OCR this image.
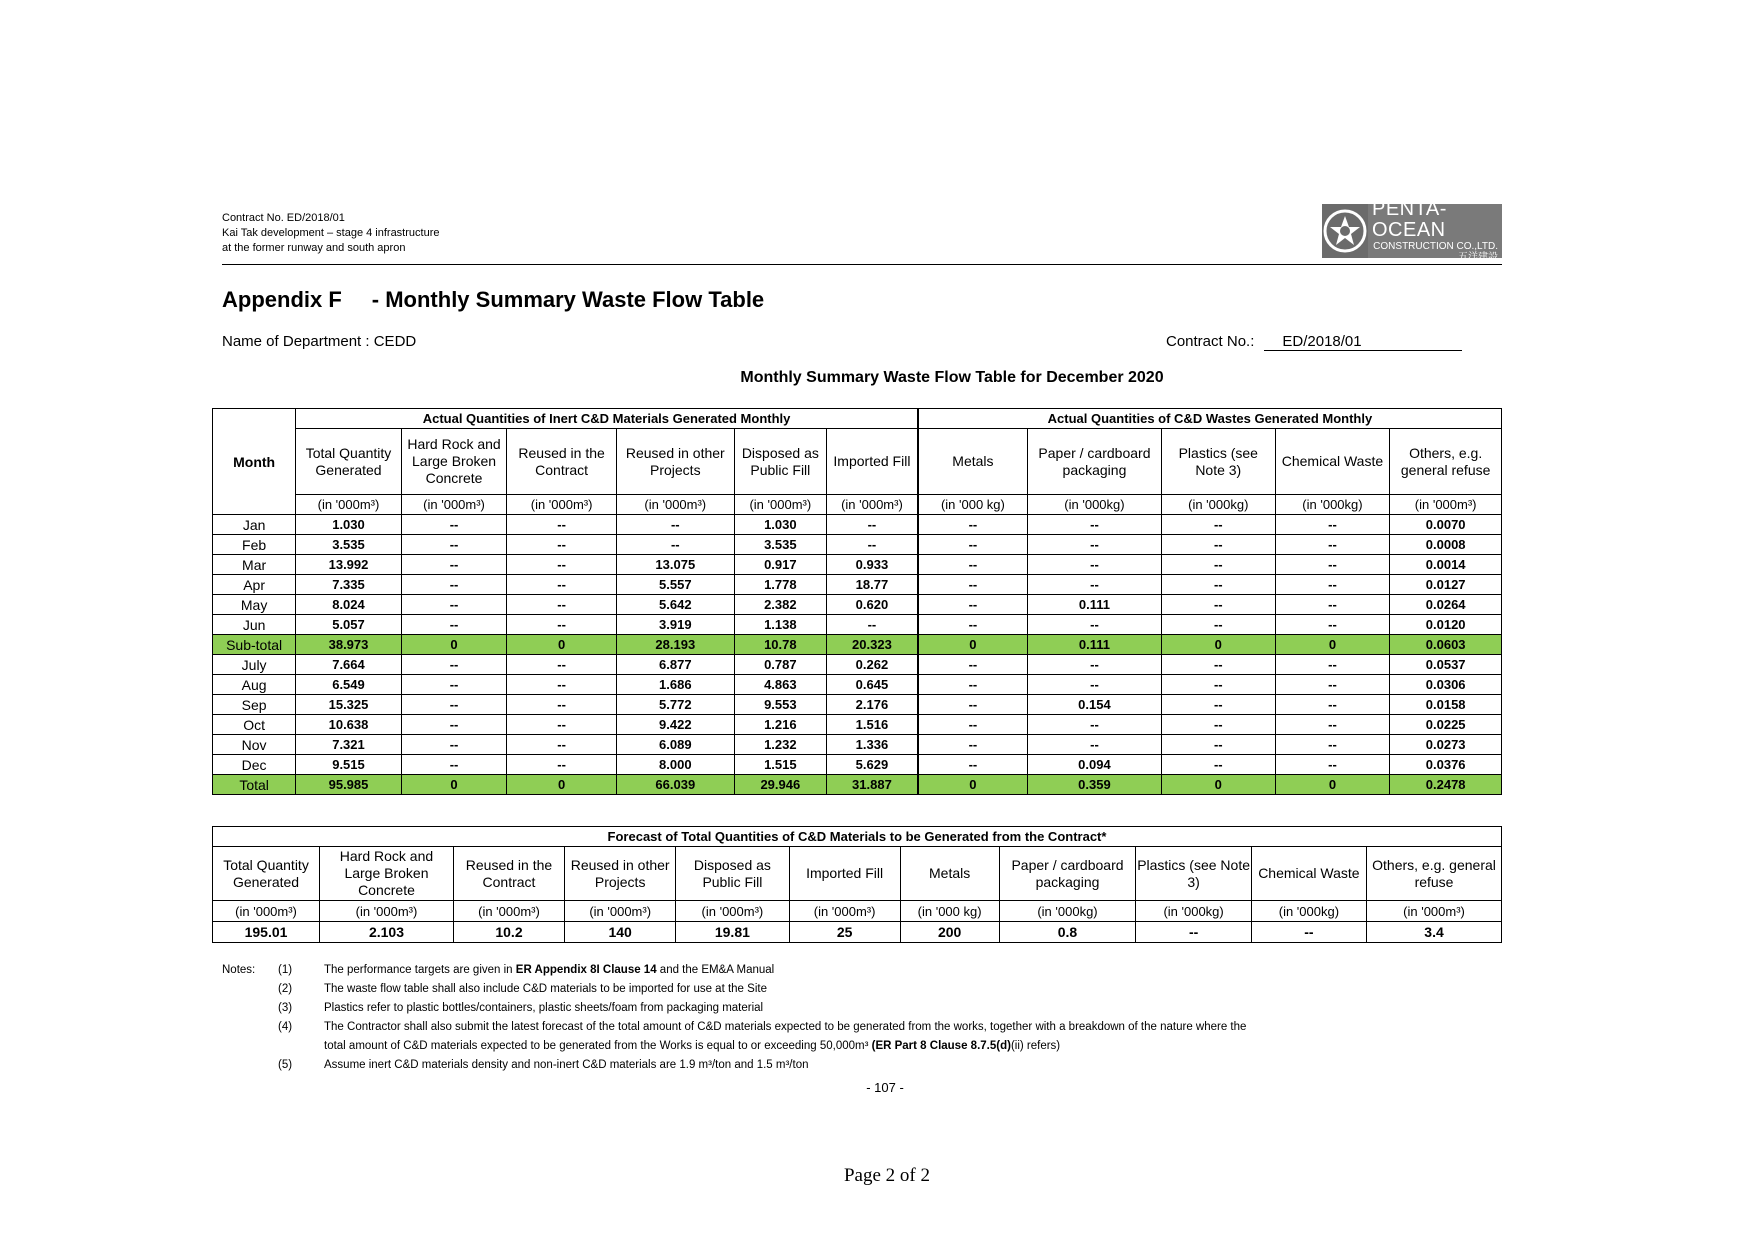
Contract No. ED/2018/01
Kai Tak development – stage 4 infrastructure
at the former runway and south apron
PENTA-OCEAN
CONSTRUCTION CO.,LTD.
五洋建設
Appendix F - Monthly Summary Waste Flow Table
Name of Department : CEDD	Contract No.: ED/2018/01
Monthly Summary Waste Flow Table for December 2020
Month	Actual Quantities of Inert C&D Materials Generated Monthly						Actual Quantities of C&D Wastes Generated Monthly				
	Total Quantity Generated	Hard Rock and Large Broken Concrete	Reused in the Contract	Reused in other Projects	Disposed as Public Fill	Imported Fill	Metals	Paper / cardboard packaging	Plastics (see Note 3)	Chemical Waste	Others, e.g. general refuse
	(in '000m³)	(in '000m³)	(in '000m³)	(in '000m³)	(in '000m³)	(in '000m³)	(in '000 kg)	(in '000kg)	(in '000kg)	(in '000kg)	(in '000m³)
Jan	1.030	--	--	--	1.030	--	--	--	--	--	0.0070
Feb	3.535	--	--	--	3.535	--	--	--	--	--	0.0008
Mar	13.992	--	--	13.075	0.917	0.933	--	--	--	--	0.0014
Apr	7.335	--	--	5.557	1.778	18.77	--	--	--	--	0.0127
May	8.024	--	--	5.642	2.382	0.620	--	0.111	--	--	0.0264
Jun	5.057	--	--	3.919	1.138	--	--	--	--	--	0.0120
Sub-total	38.973	0	0	28.193	10.78	20.323	0	0.111	0	0	0.0603
July	7.664	--	--	6.877	0.787	0.262	--	--	--	--	0.0537
Aug	6.549	--	--	1.686	4.863	0.645	--	--	--	--	0.0306
Sep	15.325	--	--	5.772	9.553	2.176	--	0.154	--	--	0.0158
Oct	10.638	--	--	9.422	1.216	1.516	--	--	--	--	0.0225
Nov	7.321	--	--	6.089	1.232	1.336	--	--	--	--	0.0273
Dec	9.515	--	--	8.000	1.515	5.629	--	0.094	--	--	0.0376
Total	95.985	0	0	66.039	29.946	31.887	0	0.359	0	0	0.2478
Forecast of Total Quantities of C&D Materials to be Generated from the Contract*										
Total Quantity Generated	Hard Rock and Large Broken Concrete	Reused in the Contract	Reused in other Projects	Disposed as Public Fill	Imported Fill	Metals	Paper / cardboard packaging	Plastics (see Note 3)	Chemical Waste	Others, e.g. general refuse
(in '000m³)	(in '000m³)	(in '000m³)	(in '000m³)	(in '000m³)	(in '000m³)	(in '000 kg)	(in '000kg)	(in '000kg)	(in '000kg)	(in '000m³)
195.01	2.103	10.2	140	19.81	25	200	0.8	--	--	3.4
Notes:	(1)	The performance targets are given in ER Appendix 8I Clause 14 and the EM&A Manual
(2)	The waste flow table shall also include C&D materials to be imported for use at the Site
(3)	Plastics refer to plastic bottles/containers, plastic sheets/foam from packaging material
(4)	The Contractor shall also submit the latest forecast of the total amount of C&D materials expected to be generated from the works, together with a breakdown of the nature where the
total amount of C&D materials expected to be generated from the Works is equal to or exceeding 50,000m³ (ER Part 8 Clause 8.7.5(d)(ii) refers)
(5)	Assume inert C&D materials density and non-inert C&D materials are 1.9 m³/ton and 1.5 m³/ton
- 107 -
Page 2 of 2
